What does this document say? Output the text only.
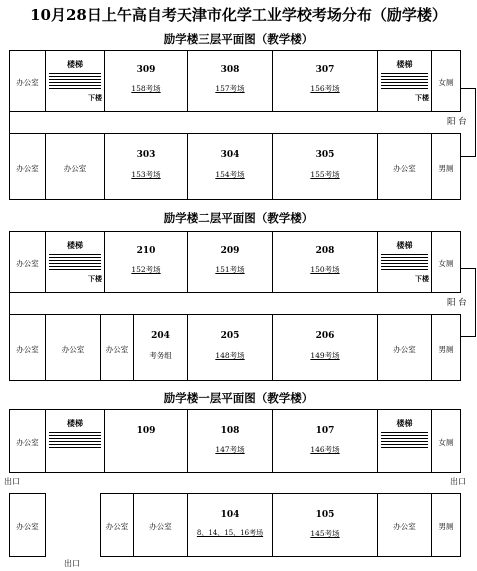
10月28日上午高自考天津市化学工业学校考场分布（励学楼）
励学楼三层平面图（教学楼）
办公室
楼梯
下楼
309
158考场
308
157考场
307
156考场
楼梯
下楼
女厕
阳 台
办公室	办公室
303
153考场
304
154考场
305
155考场
办公室	男厕
励学楼二层平面图（教学楼）
办公室
楼梯
下楼
210
152考场
209
151考场
208
150考场
楼梯
下楼
女厕
阳 台
办公室	办公室	办公室
204
考务组
205
148考场
206
149考场
办公室	男厕
励学楼一层平面图（教学楼）
办公室
楼梯
109	108
147考场
107
146考场
楼梯
女厕
出口	出口
办公室	办公室	办公室
104
8、14、15、16考场
105
145考场
办公室	男厕
出口
